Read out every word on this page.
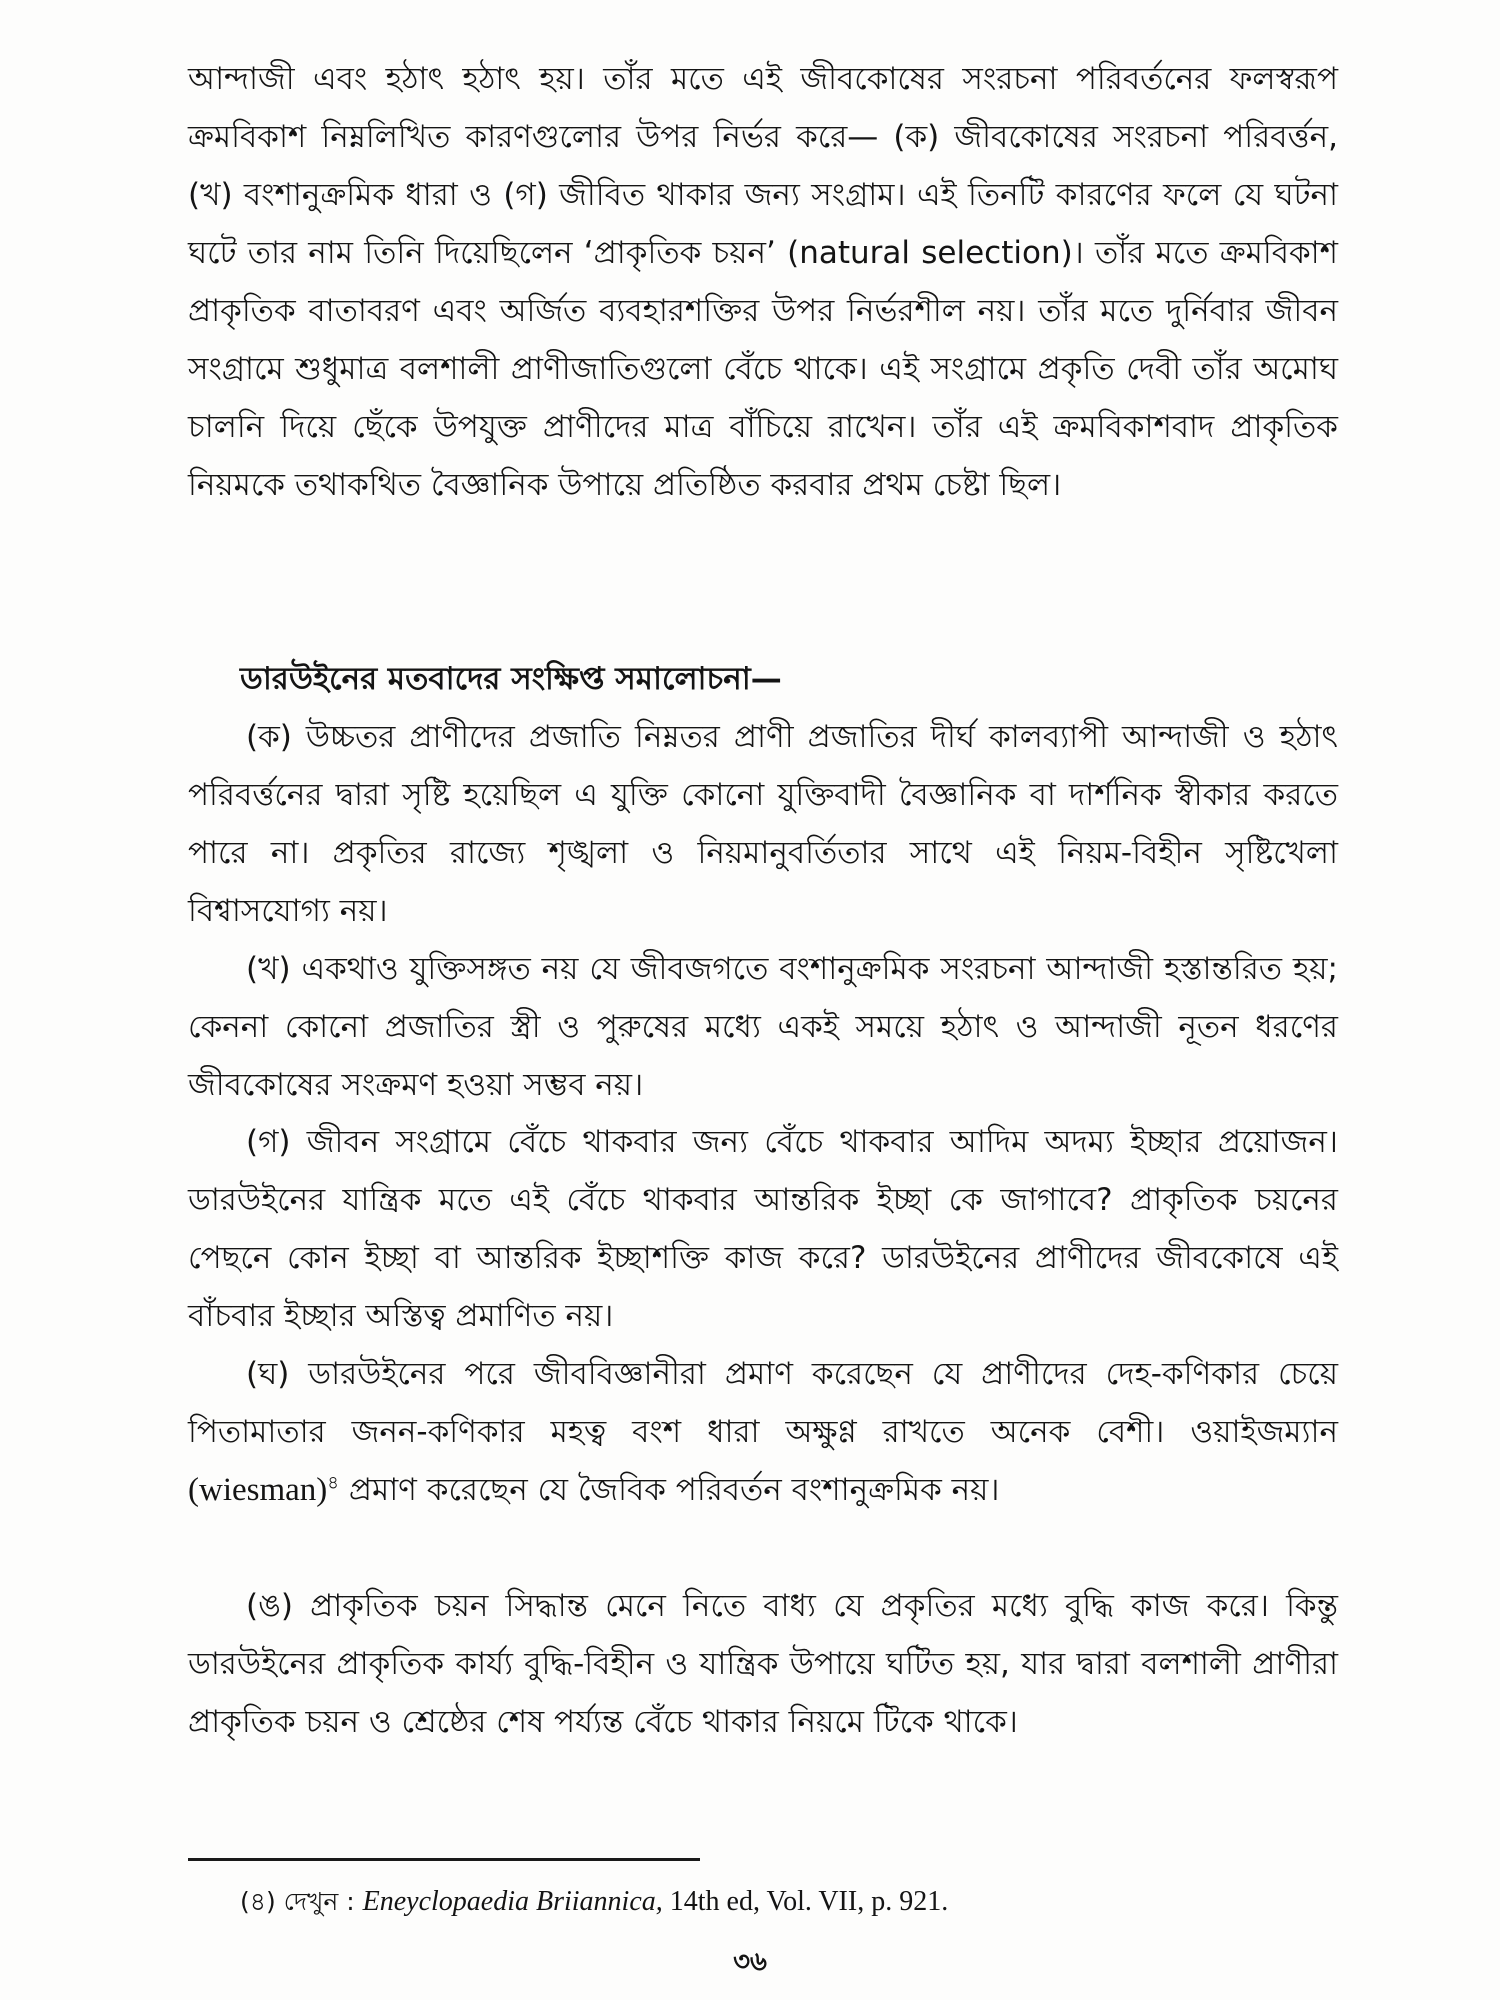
আন্দাজী এবং হঠাৎ হঠাৎ হয়। তাঁর মতে এই জীবকোষের সংরচনা পরিবর্তনের ফলস্বরূপ ক্রমবিকাশ নিম্নলিখিত কারণগুলোর উপর নির্ভর করে— (ক) জীবকোষের সংরচনা পরিবর্ত্তন, (খ) বংশানুক্রমিক ধারা ও (গ) জীবিত থাকার জন্য সংগ্রাম। এই তিনটি কারণের ফলে যে ঘটনা ঘটে তার নাম তিনি দিয়েছিলেন ‘প্রাকৃতিক চয়ন’ (natural selection)। তাঁর মতে ক্রমবিকাশ প্রাকৃতিক বাতাবরণ এবং অর্জিত ব্যবহারশক্তির উপর নির্ভরশীল নয়। তাঁর মতে দুর্নিবার জীবন সংগ্রামে শুধুমাত্র বলশালী প্রাণীজাতিগুলো বেঁচে থাকে। এই সংগ্রামে প্রকৃতি দেবী তাঁর অমোঘ চালনি দিয়ে ছেঁকে উপযুক্ত প্রাণীদের মাত্র বাঁচিয়ে রাখেন। তাঁর এই ক্রমবিকাশবাদ প্রাকৃতিক নিয়মকে তথাকথিত বৈজ্ঞানিক উপায়ে প্রতিষ্ঠিত করবার প্রথম চেষ্টা ছিল।

ডারউইনের মতবাদের সংক্ষিপ্ত সমালোচনা—

(ক) উচ্চতর প্রাণীদের প্রজাতি নিম্নতর প্রাণী প্রজাতির দীর্ঘ কালব্যাপী আন্দাজী ও হঠাৎ পরিবর্ত্তনের দ্বারা সৃষ্টি হয়েছিল এ যুক্তি কোনো যুক্তিবাদী বৈজ্ঞানিক বা দার্শনিক স্বীকার করতে পারে না। প্রকৃতির রাজ্যে শৃঙ্খলা ও নিয়মানুবর্তিতার সাথে এই নিয়ম-বিহীন সৃষ্টিখেলা বিশ্বাসযোগ্য নয়।

(খ) একথাও যুক্তিসঙ্গত নয় যে জীবজগতে বংশানুক্রমিক সংরচনা আন্দাজী হস্তান্তরিত হয়; কেননা কোনো প্রজাতির স্ত্রী ও পুরুষের মধ্যে একই সময়ে হঠাৎ ও আন্দাজী নূতন ধরণের জীবকোষের সংক্রমণ হওয়া সম্ভব নয়।

(গ) জীবন সংগ্রামে বেঁচে থাকবার জন্য বেঁচে থাকবার আদিম অদম্য ইচ্ছার প্রয়োজন। ডারউইনের যান্ত্রিক মতে এই বেঁচে থাকবার আন্তরিক ইচ্ছা কে জাগাবে? প্রাকৃতিক চয়নের পেছনে কোন ইচ্ছা বা আন্তরিক ইচ্ছাশক্তি কাজ করে? ডারউইনের প্রাণীদের জীবকোষে এই বাঁচবার ইচ্ছার অস্তিত্ব প্রমাণিত নয়।

(ঘ) ডারউইনের পরে জীববিজ্ঞানীরা প্রমাণ করেছেন যে প্রাণীদের দেহ-কণিকার চেয়ে পিতামাতার জনন-কণিকার মহত্ব বংশ ধারা অক্ষুণ্ণ রাখতে অনেক বেশী। ওয়াইজম্যান (wiesman)$^৪$ প্রমাণ করেছেন যে জৈবিক পরিবর্তন বংশানুক্রমিক নয়।

(ঙ) প্রাকৃতিক চয়ন সিদ্ধান্ত মেনে নিতে বাধ্য যে প্রকৃতির মধ্যে বুদ্ধি কাজ করে। কিন্তু ডারউইনের প্রাকৃতিক কার্য্য বুদ্ধি-বিহীন ও যান্ত্রিক উপায়ে ঘটিত হয়, যার দ্বারা বলশালী প্রাণীরা প্রাকৃতিক চয়ন ও শ্রেষ্ঠের শেষ পর্য্যন্ত বেঁচে থাকার নিয়মে টিকে থাকে।

(৪) দেখুন : Eneyclopaedia Briiannica, 14th ed, Vol. VII, p. 921.
৩৬
